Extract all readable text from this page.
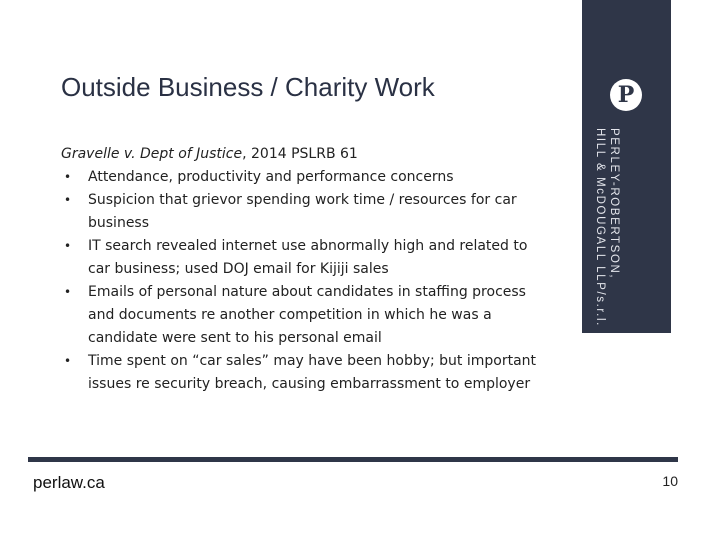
Outside Business / Charity Work	P
PERLEY-ROBERTSON,
HILL & McDOUGALL LLP/s.r.l.

Gravelle v. Dept of Justice, 2014 PSLRB 61

• Attendance, productivity and performance concerns
• Suspicion that grievor spending work time / resources for car business
• IT search revealed internet use abnormally high and related to car business; used DOJ email for Kijiji sales
• Emails of personal nature about candidates in staffing process and documents re another competition in which he was a candidate were sent to his personal email
• Time spent on “car sales” may have been hobby; but important issues re security breach, causing embarrassment to employer
perlaw.ca	10
